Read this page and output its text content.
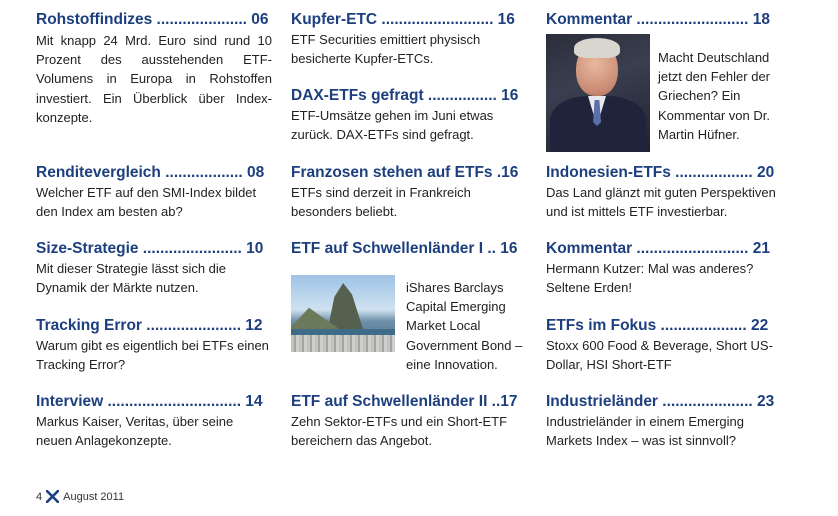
Rohstoffindizes ..................... 06
Mit knapp 24 Mrd. Euro sind rund 10 Prozent des ausstehenden ETF-Volumens in Europa in Rohstoffen investiert. Ein Überblick über Index-konzepte.
Renditevergleich .................. 08
Welcher ETF auf den SMI-Index bildet den Index am besten ab?
Size-Strategie ....................... 10
Mit dieser Strategie lässt sich die Dynamik der Märkte nutzen.
Tracking Error ...................... 12
Warum gibt es eigentlich bei ETFs einen Tracking Error?
Interview ............................... 14
Markus Kaiser, Veritas, über seine neuen Anlagekonzepte.
Kupfer-ETC .......................... 16
ETF Securities emittiert physisch besicherte Kupfer-ETCs.
DAX-ETFs gefragt ................ 16
ETF-Umsätze gehen im Juni etwas zurück. DAX-ETFs sind gefragt.
Franzosen stehen auf ETFs .16
ETFs sind derzeit in Frankreich besonders beliebt.
ETF auf Schwellenländer I .. 16
iShares Barclays Capital Emerging Market Local Government Bond – eine Innovation.
ETF auf Schwellenländer II ..17
Zehn Sektor-ETFs und ein Short-ETF bereichern das Angebot.
Kommentar .......................... 18
Macht Deutschland jetzt den Fehler der Griechen? Ein Kommentar von Dr. Martin Hüfner.
Indonesien-ETFs .................. 20
Das Land glänzt mit guten Perspektiven und ist mittels ETF investierbar.
Kommentar .......................... 21
Hermann Kutzer: Mal was anderes? Seltene Erden!
ETFs im Fokus .................... 22
Stoxx 600 Food & Beverage, Short US-Dollar, HSI Short-ETF
Industrieländer ..................... 23
Industrieländer in einem Emerging Markets Index – was ist sinnvoll?
4 August 2011
